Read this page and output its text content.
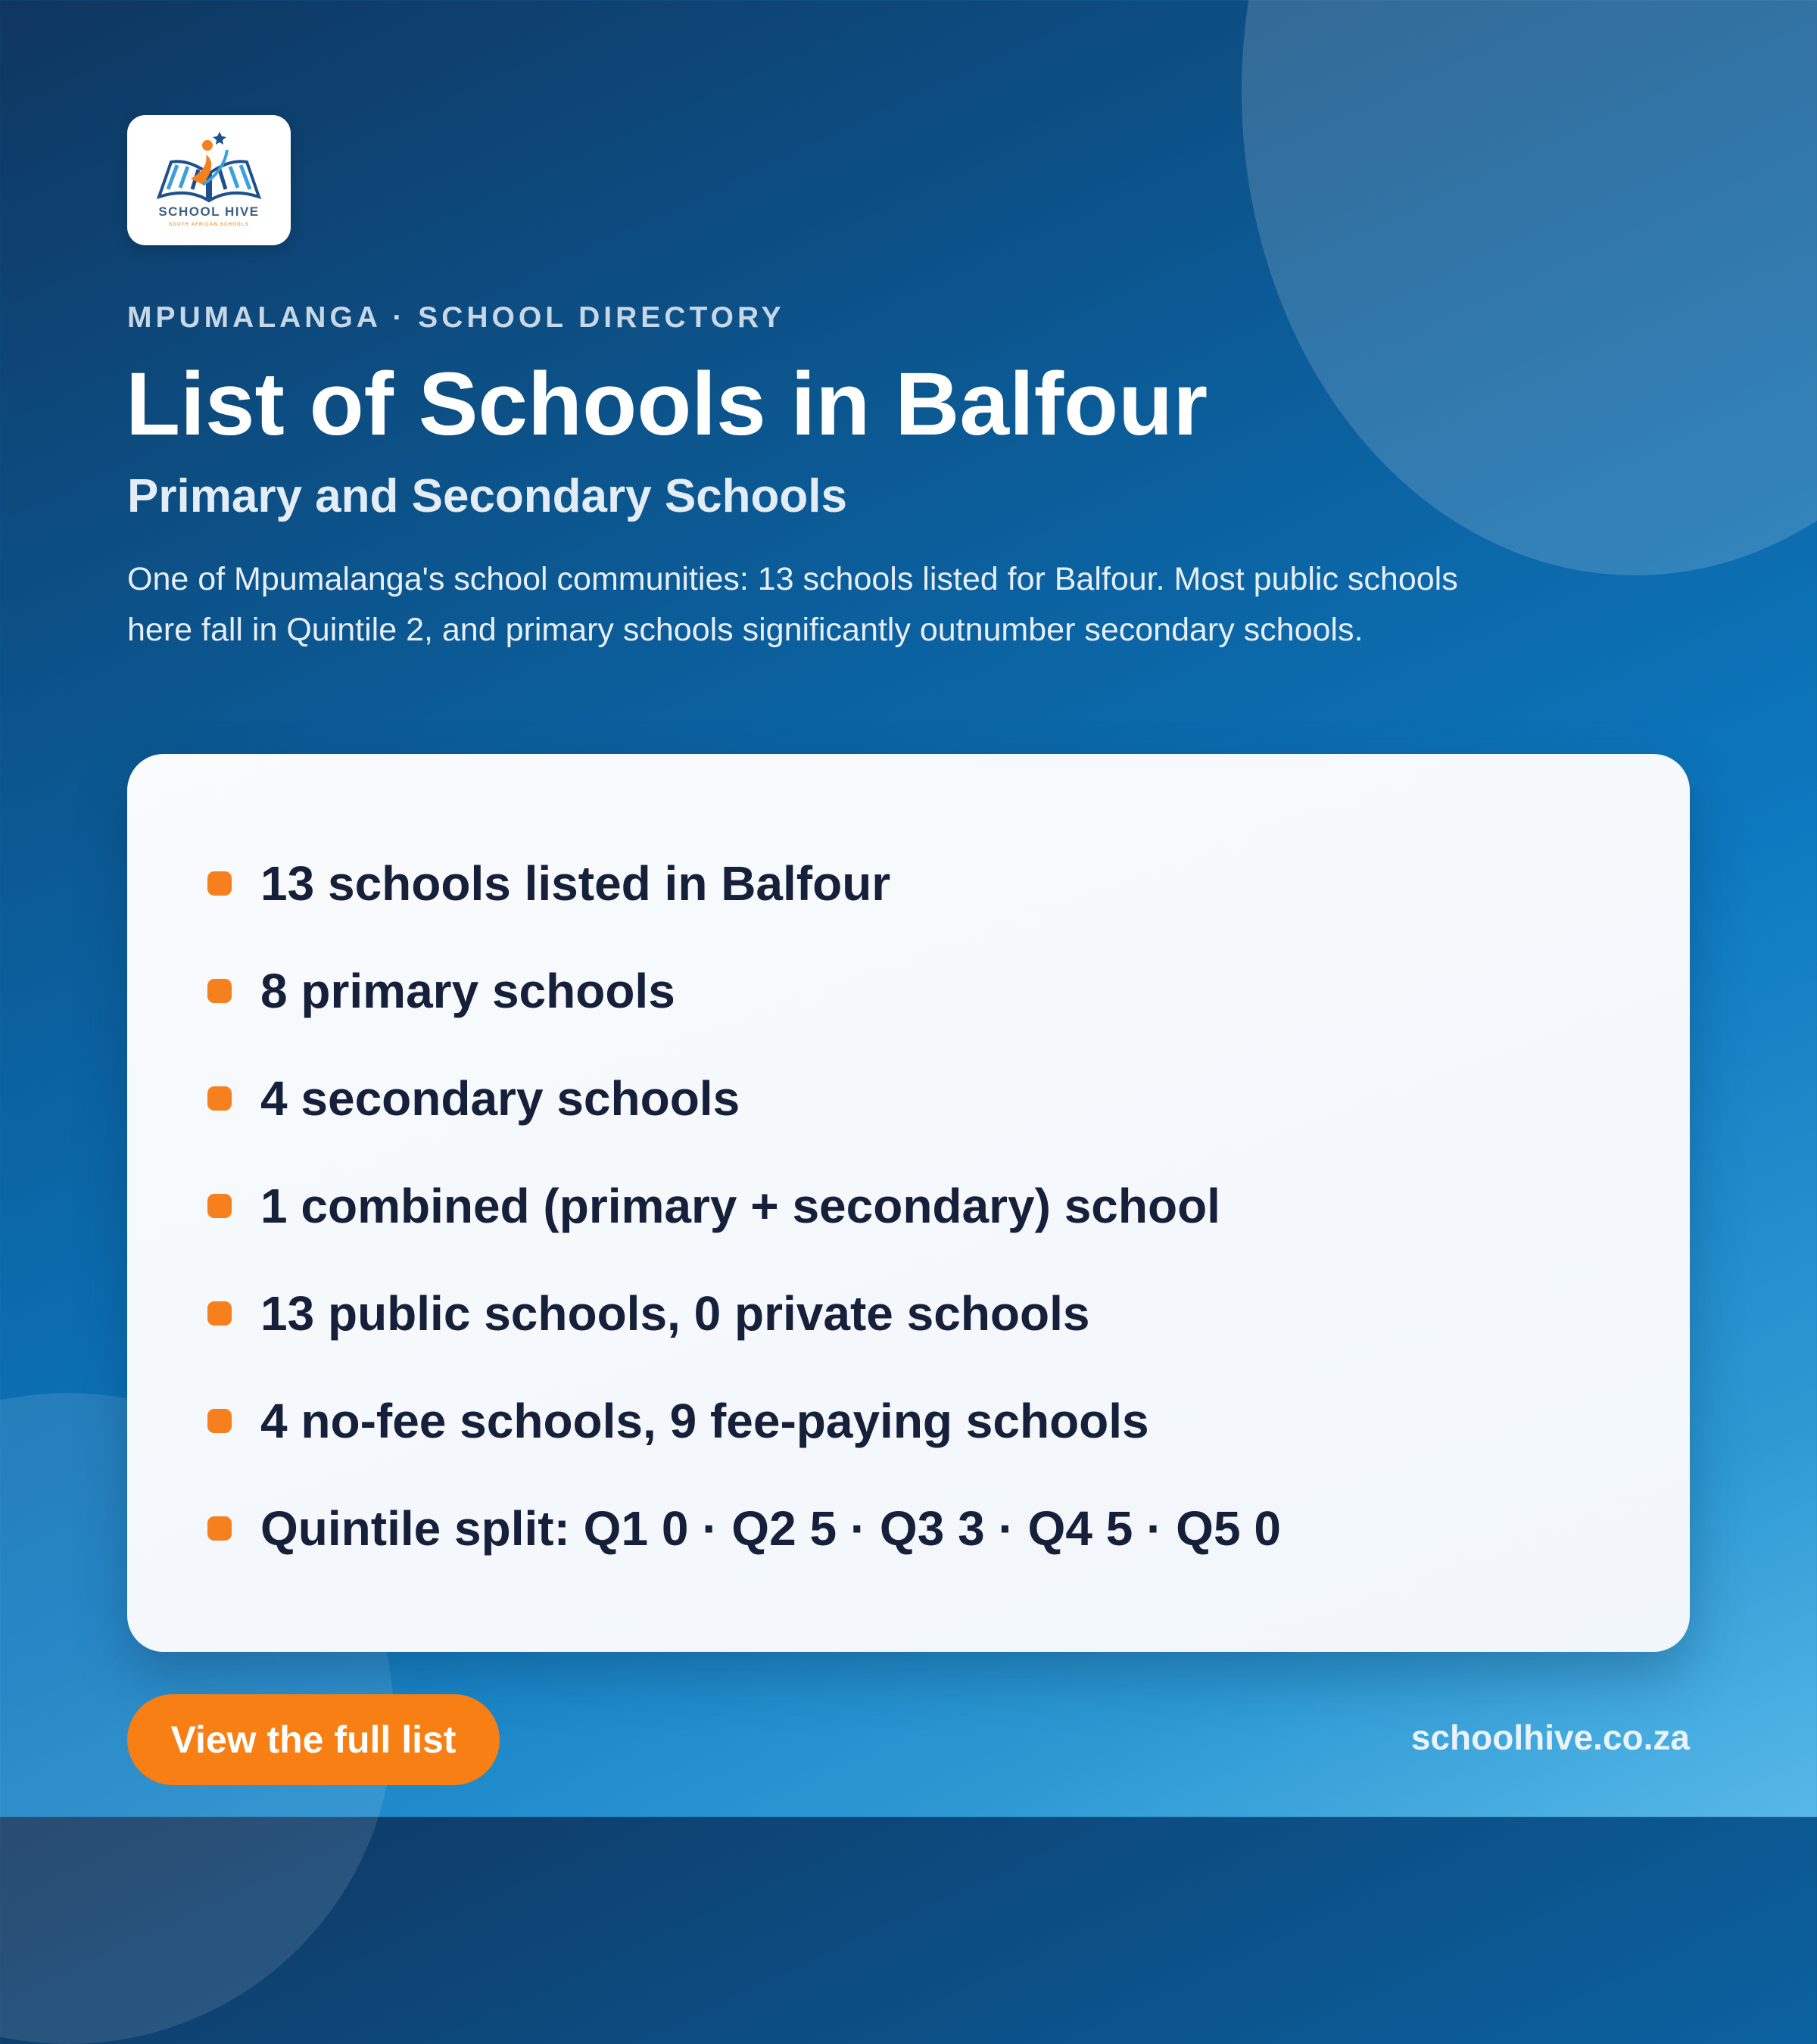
SCHOOL HIVE
SOUTH AFRICAN SCHOOLS
MPUMALANGA · SCHOOL DIRECTORY
List of Schools in Balfour
Primary and Secondary Schools

One of Mpumalanga's school communities: 13 schools listed for Balfour. Most public schools here fall in Quintile 2, and primary schools significantly outnumber secondary schools.

13 schools listed in Balfour
8 primary schools
4 secondary schools
1 combined (primary + secondary) school
13 public schools, 0 private schools
4 no-fee schools, 9 fee-paying schools
Quintile split: Q1 0 · Q2 5 · Q3 3 · Q4 5 · Q5 0
View the full list	schoolhive.co.za
